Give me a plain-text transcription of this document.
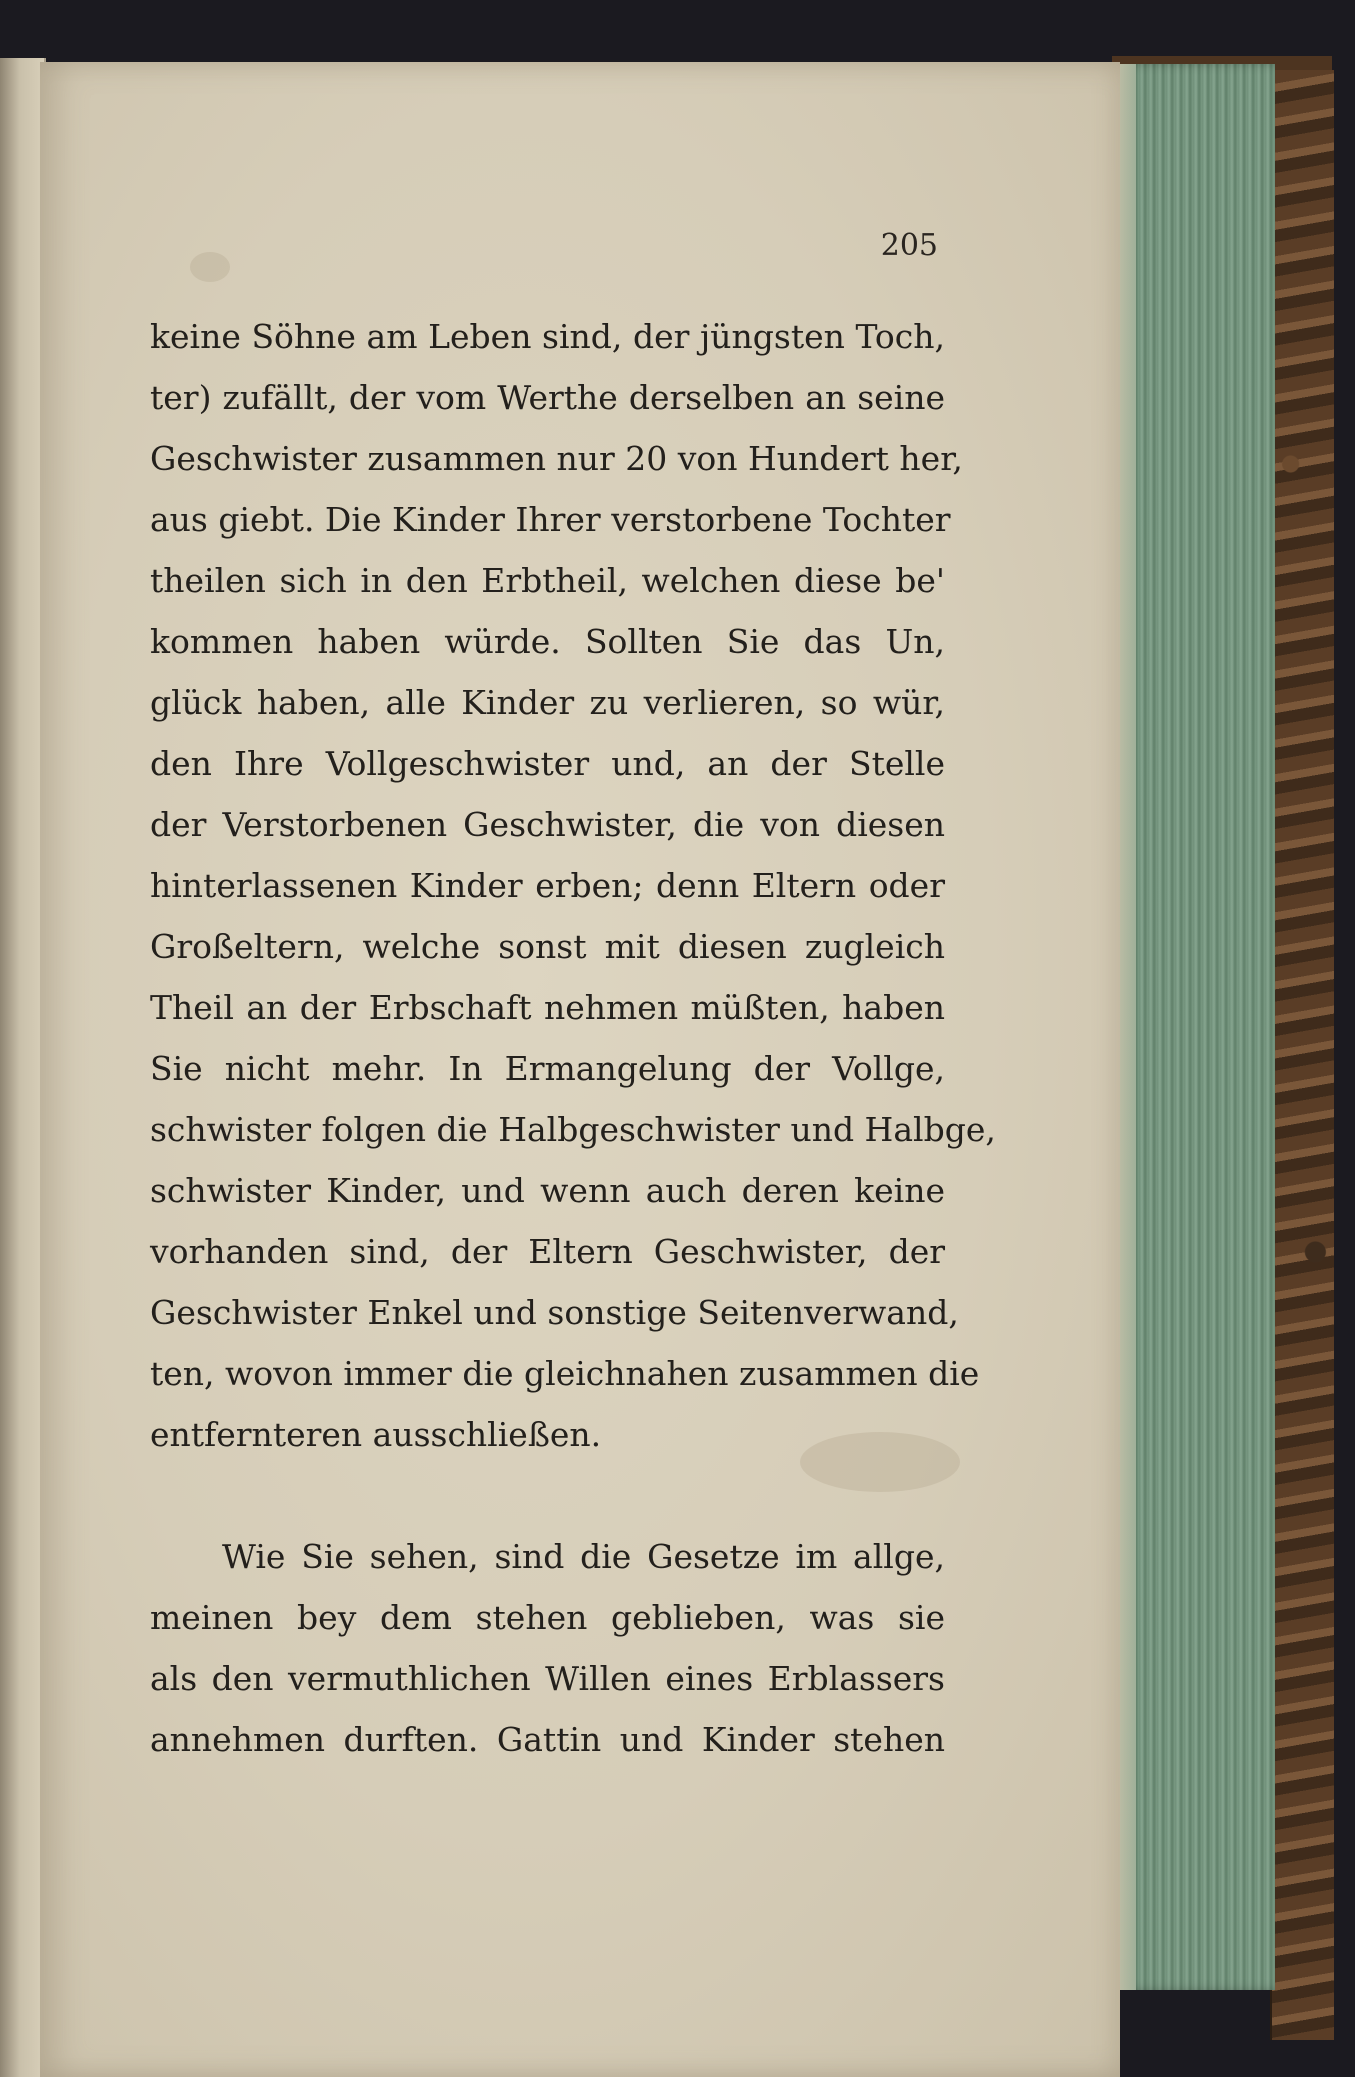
205
keine Söhne am Leben sind, der jüngsten Toch,
ter) zufällt, der vom Werthe derselben an seine
Geschwister zusammen nur 20 von Hundert her,
aus giebt. Die Kinder Ihrer verstorbene Tochter
theilen sich in den Erbtheil, welchen diese be'
kommen haben würde. Sollten Sie das Un,
glück haben, alle Kinder zu verlieren, so wür,
den Ihre Vollgeschwister und, an der Stelle
der Verstorbenen Geschwister, die von diesen
hinterlassenen Kinder erben; denn Eltern oder
Großeltern, welche sonst mit diesen zugleich
Theil an der Erbschaft nehmen müßten, haben
Sie nicht mehr. In Ermangelung der Vollge,
schwister folgen die Halbgeschwister und Halbge,
schwister Kinder, und wenn auch deren keine
vorhanden sind, der Eltern Geschwister, der
Geschwister Enkel und sonstige Seitenverwand,
ten, wovon immer die gleichnahen zusammen die
entfernteren ausschließen.
Wie Sie sehen, sind die Gesetze im allge,
meinen bey dem stehen geblieben, was sie
als den vermuthlichen Willen eines Erblassers
annehmen durften. Gattin und Kinder stehen
